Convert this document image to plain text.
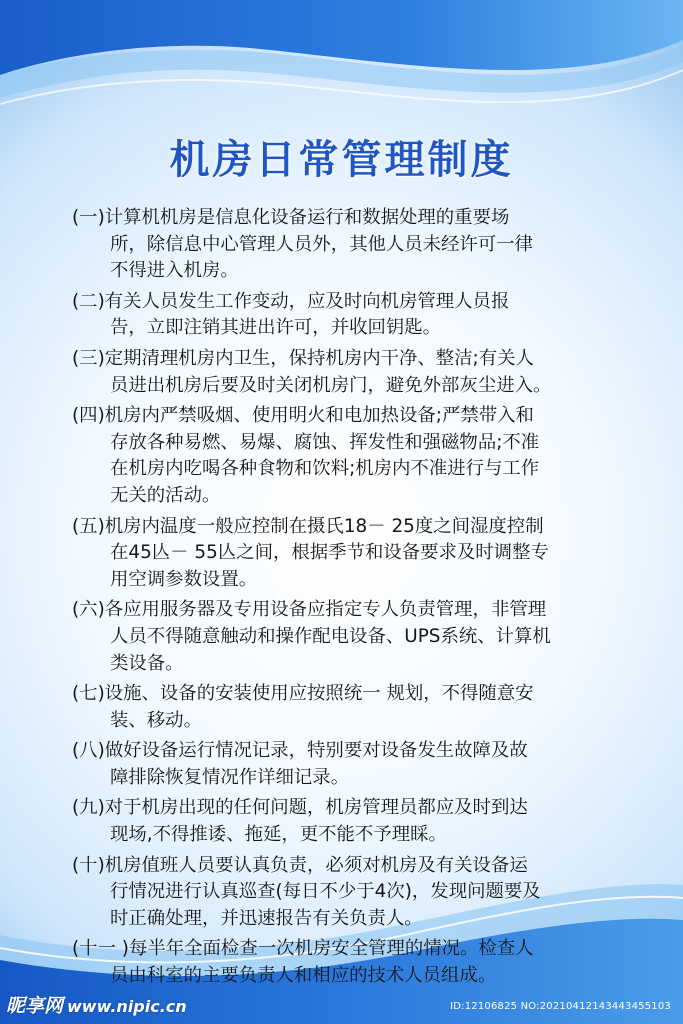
机房日常管理制度
(一)计算机机房是信息化设备运行和数据处理的重要场
所，除信息中心管理人员外，其他人员未经许可一律
不得进入机房。
(二)有关人员发生工作变动，应及时向机房管理人员报
告，立即注销其进出许可，并收回钥匙。
(三)定期清理机房内卫生，保持机房内干净、整洁;有关人
员进出机房后要及时关闭机房门，避免外部灰尘进入。
(四)机房内严禁吸烟、使用明火和电加热设备;严禁带入和
存放各种易燃、易爆、腐蚀、挥发性和强磁物品;不准
在机房内吃喝各种食物和饮料;机房内不准进行与工作
无关的活动。
(五)机房内温度一般应控制在摄氏18－ 25度之间湿度控制
在45亾－ 55亾之间，根据季节和设备要求及时调整专
用空调参数设置。
(六)各应用服务器及专用设备应指定专人负责管理，非管理
人员不得随意触动和操作配电设备、UPS系统、计算机
类设备。
(七)设施、设备的安装使用应按照统一 规划，不得随意安
装、移动。
(八)做好设备运行情况记录，特别要对设备发生故障及故
障排除恢复情况作详细记录。
(九)对于机房出现的任何问题，机房管理员都应及时到达
现场,不得推诿、拖延，更不能不予理睬。
(十)机房值班人员要认真负责，必须对机房及有关设备运
行情况进行认真巡查(每日不少于4次)，发现问题要及
时正确处理，并迅速报告有关负责人。
(十一 )每半年全面检查一次机房安全管理的情况。检查人
员由科室的主要负责人和相应的技术人员组成。
昵享网 www.nipic.cn	ID:12106825 NO:20210412143443455103
